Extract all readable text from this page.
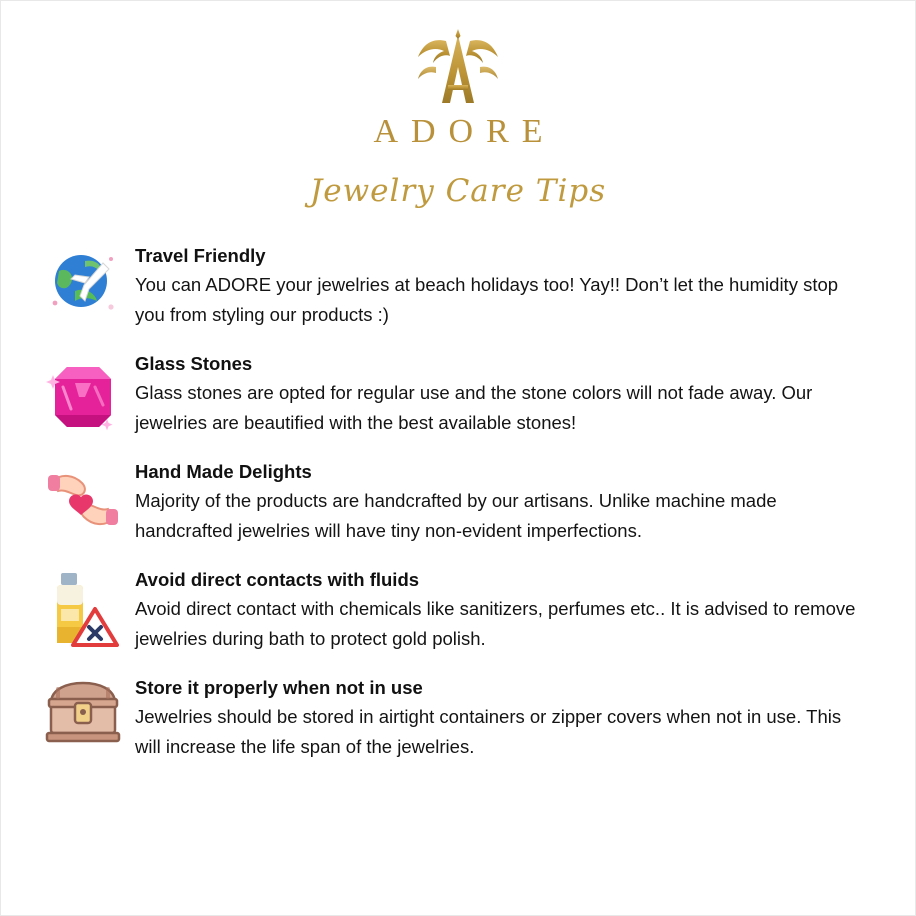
ADORE
Jewelry Care Tips
Travel Friendly
You can ADORE your jewelries at beach holidays too! Yay!! Don’t let the humidity stop you from styling our products :)
Glass Stones
Glass stones are opted for regular use and the stone colors will not fade away. Our jewelries are beautified with the best available stones!
Hand Made Delights
Majority of the products are handcrafted by our artisans. Unlike machine made handcrafted jewelries will have tiny non-evident imperfections.
Avoid direct contacts with fluids
Avoid direct contact with chemicals like sanitizers, perfumes etc.. It is advised to remove jewelries during bath to protect gold polish.
Store it properly when not in use
Jewelries should be stored in airtight containers or zipper covers when not in use. This will increase the life span of the jewelries.
